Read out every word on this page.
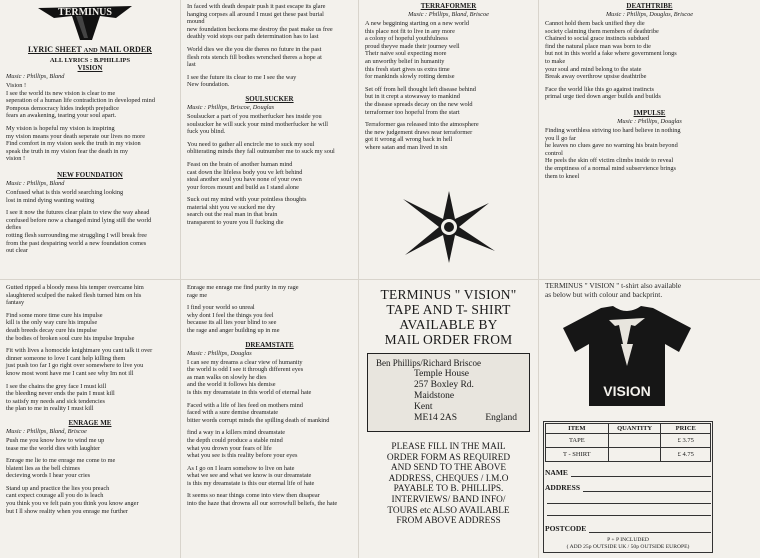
TERMINUS
LYRIC SHEET AND MAIL ORDER
ALL LYRICS : B.PHILLIPS
VISION
Music : Phillips, Bland
Vision !
I see the world its new vision is clear to me
seperation of a human life contradiction in developed mind
Pompous democracy hides indepth prejudice
fears an awakening, tearing your soul apart.
My vision is hopeful my vision is inspiring
my vision means your death seperate our lives no more
Find comfort in my vision seek the truth in my vision
speak the truth in my vision fear the death in my
vision !
NEW FOUNDATION
Music : Phillips, Bland
Confused what is this world searching looking
lost in mind dying wanting waiting
I see it now the futures clear plain to view the way ahead
confused before now a changed mind lying still the world
defies
rotting flesh surrounding me struggling I will break free
from the past despairing world a new foundation comes
out clear
Gutted ripped a bloody mess his temper overcame him
slaughtered sculped the naked flesh turned him on his
fantasy
Find some more time cure his impulse
kill is the only way cure his impulse
death breeds decay cure his impulse
the bodies of broken soul cure his impulse Impulse
Fit with lives a homocide knightmare you cant talk it over
dinner someone to love I cant help killing them
just push too far I go right over somewhere to live you
know most wont have me I cant see why Im not ill
I see the chains the grey face I must kill
the bleeding never ends the pain I must kill
to satisfy my needs and sick tendencies
the plan to me in reality I must kill
ENRAGE ME
Music : Phillips, Bland, Briscoe
Push me you know how to wind me up
tease me the world dies with laughter
Enrage me lie to me enrage me come to me
blatent lies as the bell chimes
decieving words I hear your cries
Stand up and practice the lies you preach
cant expect courage all you do is leach
you think you ve felt pain you think you know anger
but I ll show reality when you enrage me further
In faced with death despair push it past escape its glare
hanging corpses all around I must get these past burial
mound
new foundation beckons me destroy the past make us free
deathly void stops our path determination has to last
World dies we die you die theres no future in the past
flesh rots stench fill bodies wrenched theres a hope at
last
I see the future its clear to me I see the way
New foundation.
SOULSUCKER
Music : Phillips, Briscoe, Douglas
Soulsucker a part of you motherfucker hes inside you
soulsucker he will suck your mind motherfucker he will
fuck you blind.
You need to gather all encircle me to suck my soul
obliterating minds they fall outnumber me to suck my soul
Feast on the brain of another human mind
cast down the lifeless body you ve left behind
steal another soul you have none of your own
your forces mount and build as I stand alone
Suck out my mind with your pointless thoughts
material shit you ve sucked me dry
search out the real man in that brain
transparent to youre you ll fucking die
Enrage me enrage me find purity in my rage
rage me
I find your world so unreal
why dont I feel the things you feel
because its all lies your blind to see
the rage and anger building up in me
DREAMSTATE
Music : Phillips, Douglas
I can see my dreams a clear view of humanity
the world is odd I see it through different eyes
as man walks on slowly he dies
and the world it follows his demise
is this my dreamstate in this world of eternal hate
Faced with a life of lies feed on mothers mind
faced with a sure demise dreamstate
bitter words corrupt minds the spilling death of mankind
find a way in a killers mind dreamstate
the depth could produce a stable mind
what you drown your fears of life
what you see is this reality before your eyes
As I go on I learn somehow to live on hate
what we see and what we know is our dreamstate
is this my dreamstate is this our eternal life of hate
It seems so near things come into view then disapear
into the haze that drowns all our sorrowfull beliefs, the hate
TERRAFORMER
Music : Phillips, Bland, Briscoe
A new beggining starting on a new world
this place not fit to live in any more
a colony of hopeful youthfulness
proud theyve made their journey well
Their naive soul expecting more
an unworthy belief in humanity
this fresh start gives us extra time
for mankinds slowly rotting demise
Set off from hell thought left disease behind
but in it crept a stowaway to mankind
the disease spreads decay on the new wold
terraformer too hopeful from the start
Terraformer gas released into the atmosphere
the new judgement draws near terraformer
got it wrong all wrong back in hell
where satan and man lived in sin
TERMINUS " VISION"
TAPE AND T- SHIRT
AVAILABLE BY
MAIL ORDER FROM
Ben Phillips/Richard Briscoe
Temple House
257 Boxley Rd.
Maidstone
Kent
ME14 2AS	England
PLEASE FILL IN THE MAIL
ORDER FORM AS REQUIRED
AND SEND TO THE ABOVE
ADDRESS, CHEQUES / I.M.O
PAYABLE TO B. PHILLIPS.
INTERVIEWS/ BAND INFO/
TOURS etc ALSO AVAILABLE
FROM ABOVE ADDRESS
DEATHTRIBE
Music : Phillips, Douglas, Briscoe
Cannot hold them back unified they die
society claiming them members of deathtribe
Chained to social grace instincts subdued
find the natural place man was born to die
but not in this world a fake where government longs
to make
your soul and mind belong to the state
Break away overthrow upsise deathtribe
Face the world like this go against instincts
primal urge tied down anger builds and builds
IMPULSE
Music : Phillips, Douglas
Finding worthless striving too hard believe in nothing
you ll go far
he leaves no clues gave no warning his brain beyond
control
He peels the skin off victim climbs inside to reveal
the emptiness of a normal mind subservience brings
them to kneel
TERMINUS " VISION " t-shirt also available
as below but with colour and backprint.
VISION
ITEM	QUANTITY	PRICE
TAPE		£ 3.75
T - SHIRT		£ 4.75
NAME
ADDRESS
POSTCODE
P + P INCLUDED
( ADD 25p OUTSIDE UK / 50p OUTSIDE EUROPE)
